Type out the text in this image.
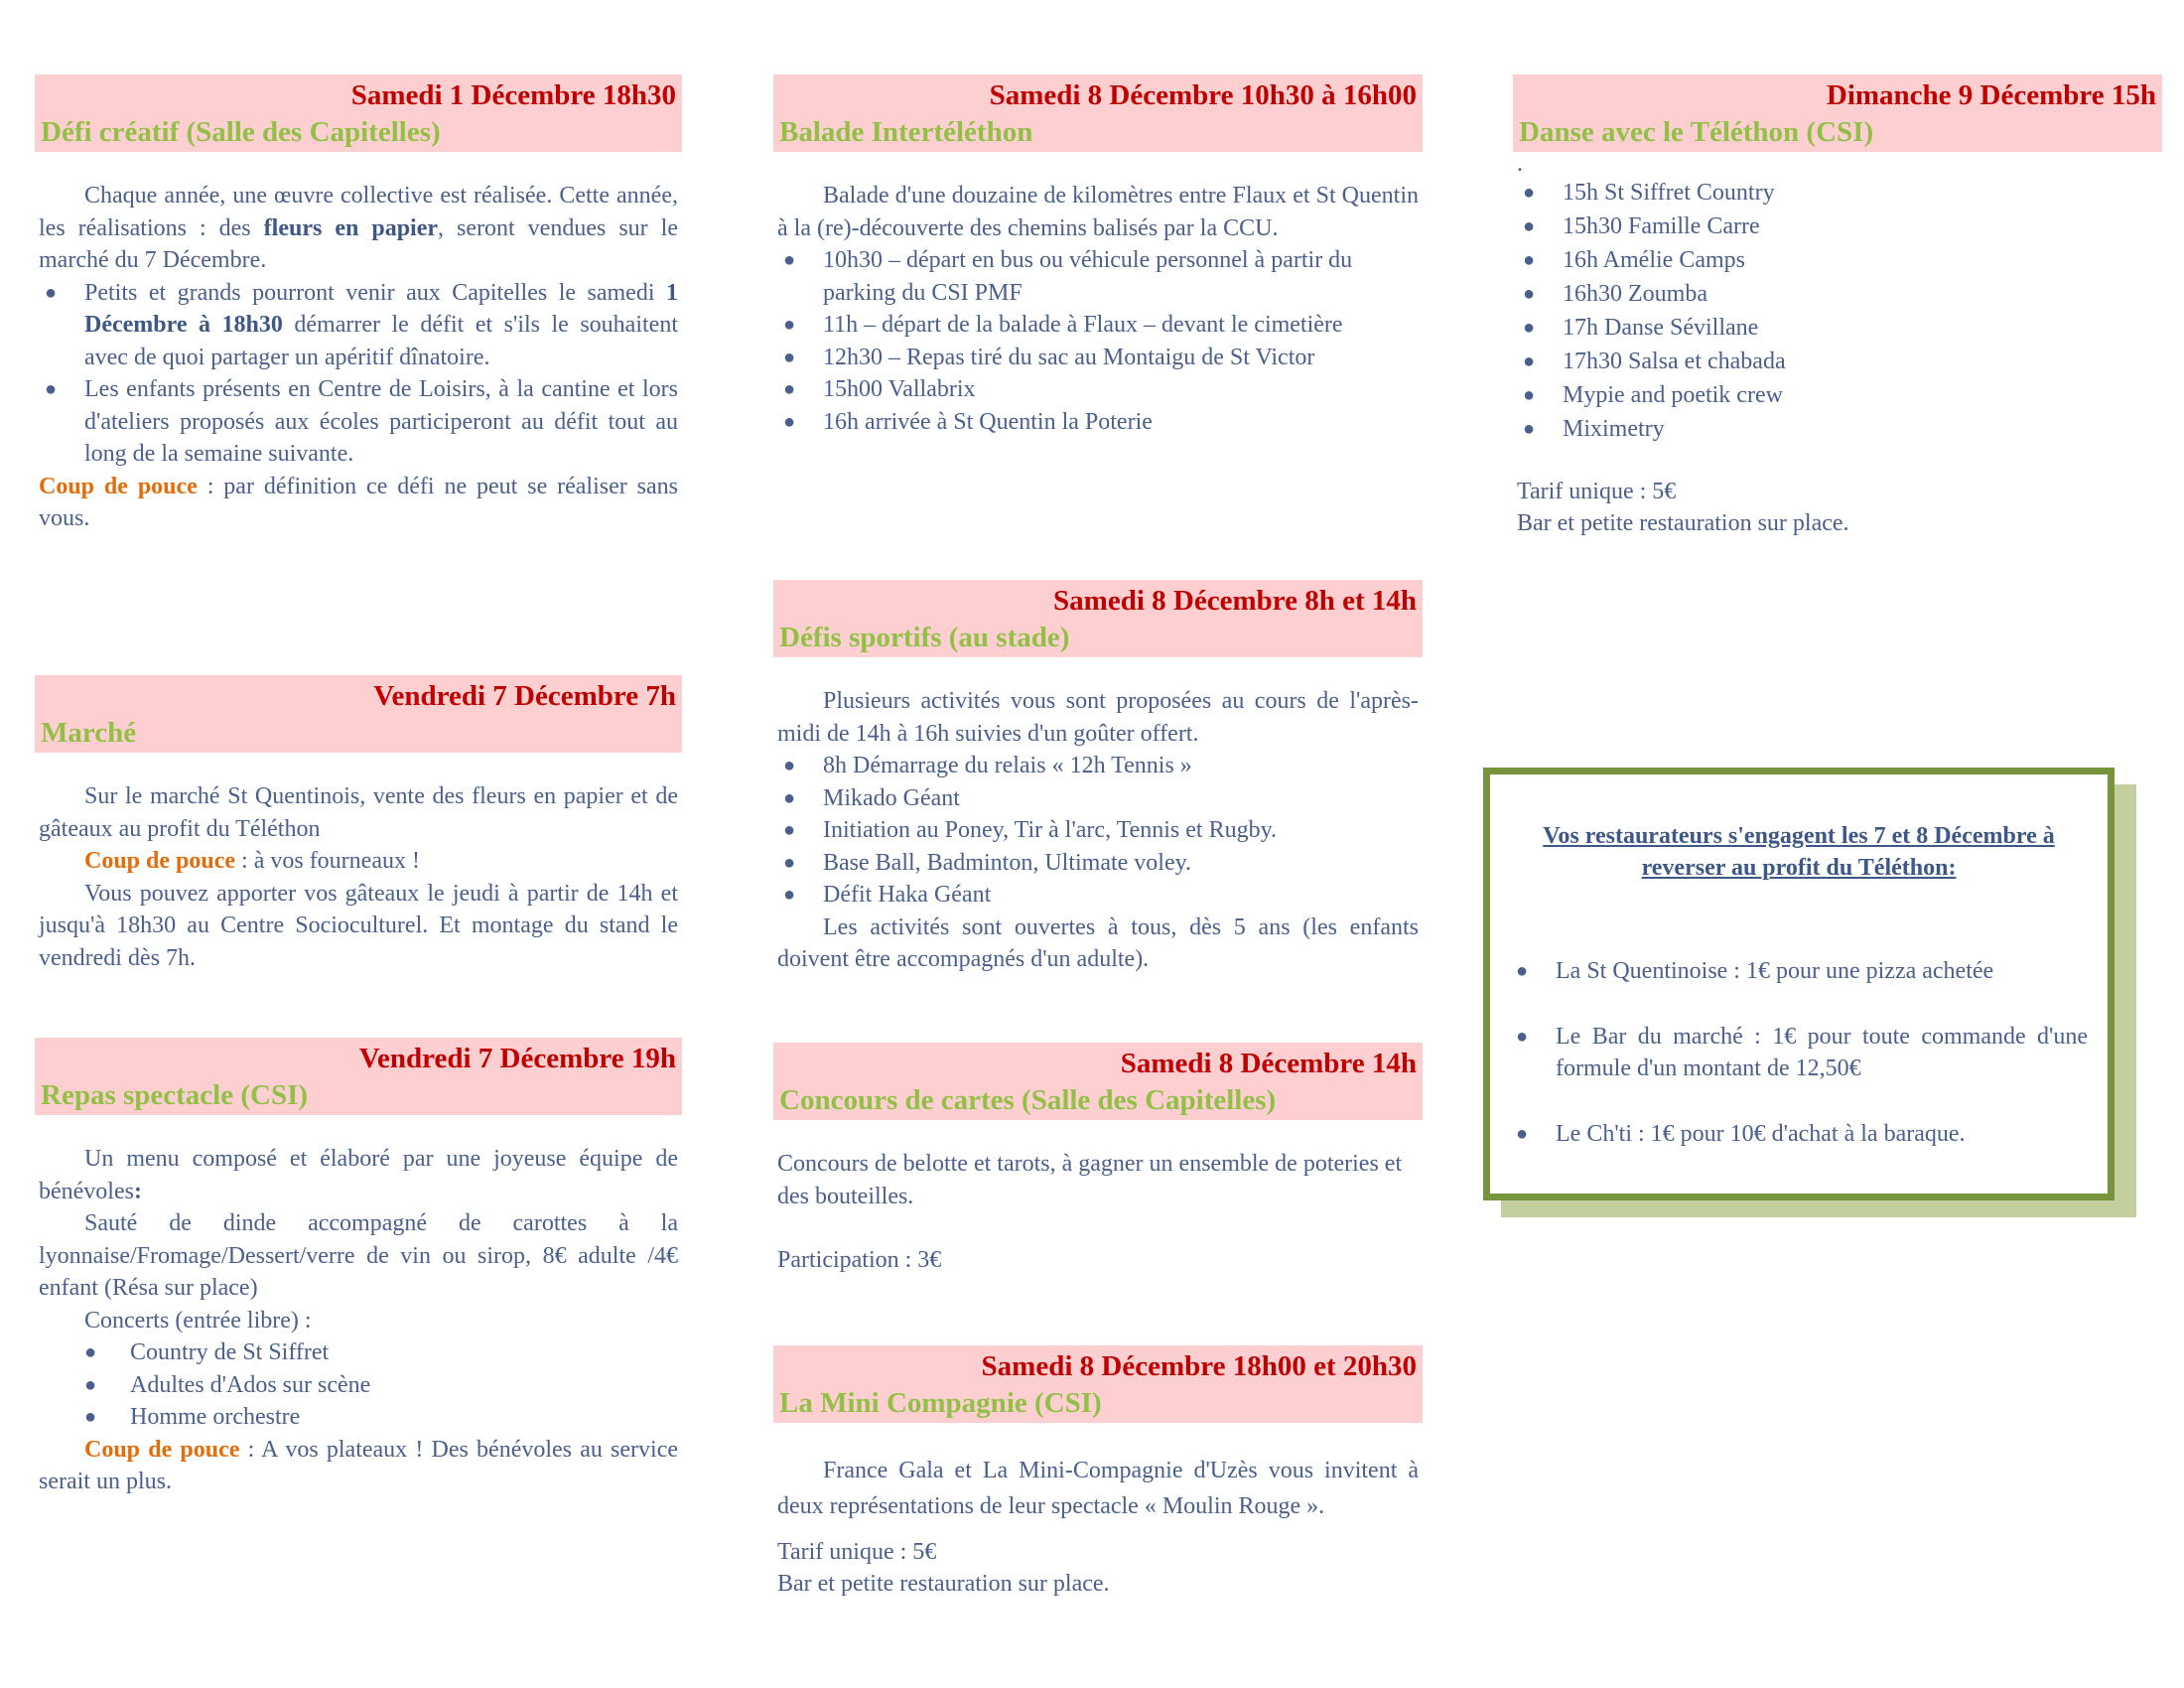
Samedi 1 Décembre 18h30
Défi créatif (Salle des Capitelles)

Chaque année, une œuvre collective est réalisée. Cette année, les réalisations : des fleurs en papier, seront vendues sur le marché du 7 Décembre.

● Petits et grands pourront venir aux Capitelles le samedi 1 Décembre à 18h30 démarrer le défit et s'ils le souhaitent avec de quoi partager un apéritif dînatoire.
● Les enfants présents en Centre de Loisirs, à la cantine et lors d'ateliers proposés aux écoles participeront au défit tout au long de la semaine suivante.

Coup de pouce : par définition ce défi ne peut se réaliser sans vous.

Vendredi 7 Décembre 7h
Marché

Sur le marché St Quentinois, vente des fleurs en papier et de gâteaux au profit du Téléthon

Coup de pouce : à vos fourneaux !

Vous pouvez apporter vos gâteaux le jeudi à partir de 14h et jusqu'à 18h30 au Centre Socioculturel. Et montage du stand le vendredi dès 7h.

Vendredi 7 Décembre 19h
Repas spectacle (CSI)

Un menu composé et élaboré par une joyeuse équipe de bénévoles:

Sauté de dinde accompagné de carottes à la lyonnaise/Fromage/Dessert/verre de vin ou sirop, 8€ adulte /4€ enfant (Résa sur place)

Concerts (entrée libre) :

● Country de St Siffret
● Adultes d'Ados sur scène
● Homme orchestre

Coup de pouce : A vos plateaux ! Des bénévoles au service serait un plus.

Samedi 8 Décembre 10h30 à 16h00
Balade Intertéléthon

Balade d'une douzaine de kilomètres entre Flaux et St Quentin à la (re)-découverte des chemins balisés par la CCU.

● 10h30 – départ en bus ou véhicule personnel à partir du parking du CSI PMF
● 11h – départ de la balade à Flaux – devant le cimetière
● 12h30 – Repas tiré du sac au Montaigu de St Victor
● 15h00 Vallabrix
● 16h arrivée à St Quentin la Poterie
Samedi 8 Décembre 8h et 14h
Défis sportifs (au stade)

Plusieurs activités vous sont proposées au cours de l'après-midi de 14h à 16h suivies d'un goûter offert.

● 8h Démarrage du relais « 12h Tennis »
● Mikado Géant
● Initiation au Poney, Tir à l'arc, Tennis et Rugby.
● Base Ball, Badminton, Ultimate voley.
● Défit Haka Géant

Les activités sont ouvertes à tous, dès 5 ans (les enfants doivent être accompagnés d'un adulte).

Samedi 8 Décembre 14h
Concours de cartes (Salle des Capitelles)

Concours de belotte et tarots, à gagner un ensemble de poteries et des bouteilles.

Participation : 3€

Samedi 8 Décembre 18h00 et 20h30
La Mini Compagnie (CSI)

France Gala et La Mini-Compagnie d'Uzès vous invitent à deux représentations de leur spectacle « Moulin Rouge ».

Tarif unique : 5€

Bar et petite restauration sur place.

Dimanche 9 Décembre 15h
Danse avec le Téléthon (CSI)

.

● 15h St Siffret Country
● 15h30 Famille Carre
● 16h Amélie Camps
● 16h30 Zoumba
● 17h Danse Sévillane
● 17h30 Salsa et chabada
● Mypie and poetik crew
● Miximetry

Tarif unique : 5€

Bar et petite restauration sur place.

Vos restaurateurs s'engagent les 7 et 8 Décembre à reverser au profit du Téléthon:
● La St Quentinoise : 1€ pour une pizza achetée
● Le Bar du marché : 1€ pour toute commande d'une formule d'un montant de 12,50€
● Le Ch'ti : 1€ pour 10€ d'achat à la baraque.
